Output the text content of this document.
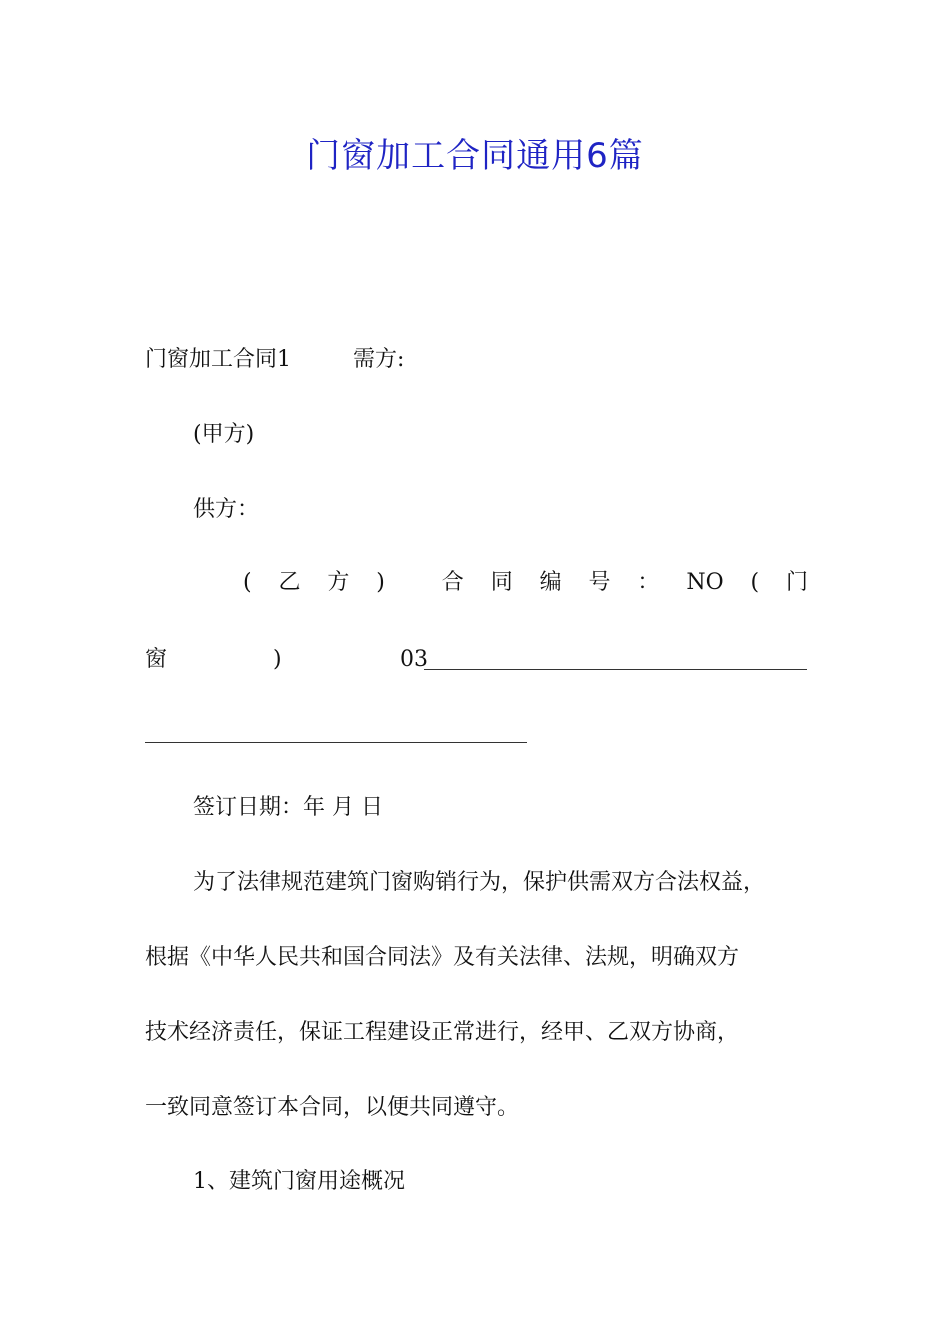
门窗加工合同通用6篇
门窗加工合同1	需方:
(甲方)
供方：
( 乙 方 )	合 同 编 号 ： NO ( 门
窗	)	03
签订日期：年 月 日
为了法律规范建筑门窗购销行为，保护供需双方合法权益，
根据《中华人民共和国合同法》及有关法律、法规，明确双方
技术经济责任，保证工程建设正常进行，经甲、乙双方协商，
一致同意签订本合同，以便共同遵守。
1、建筑门窗用途概况
